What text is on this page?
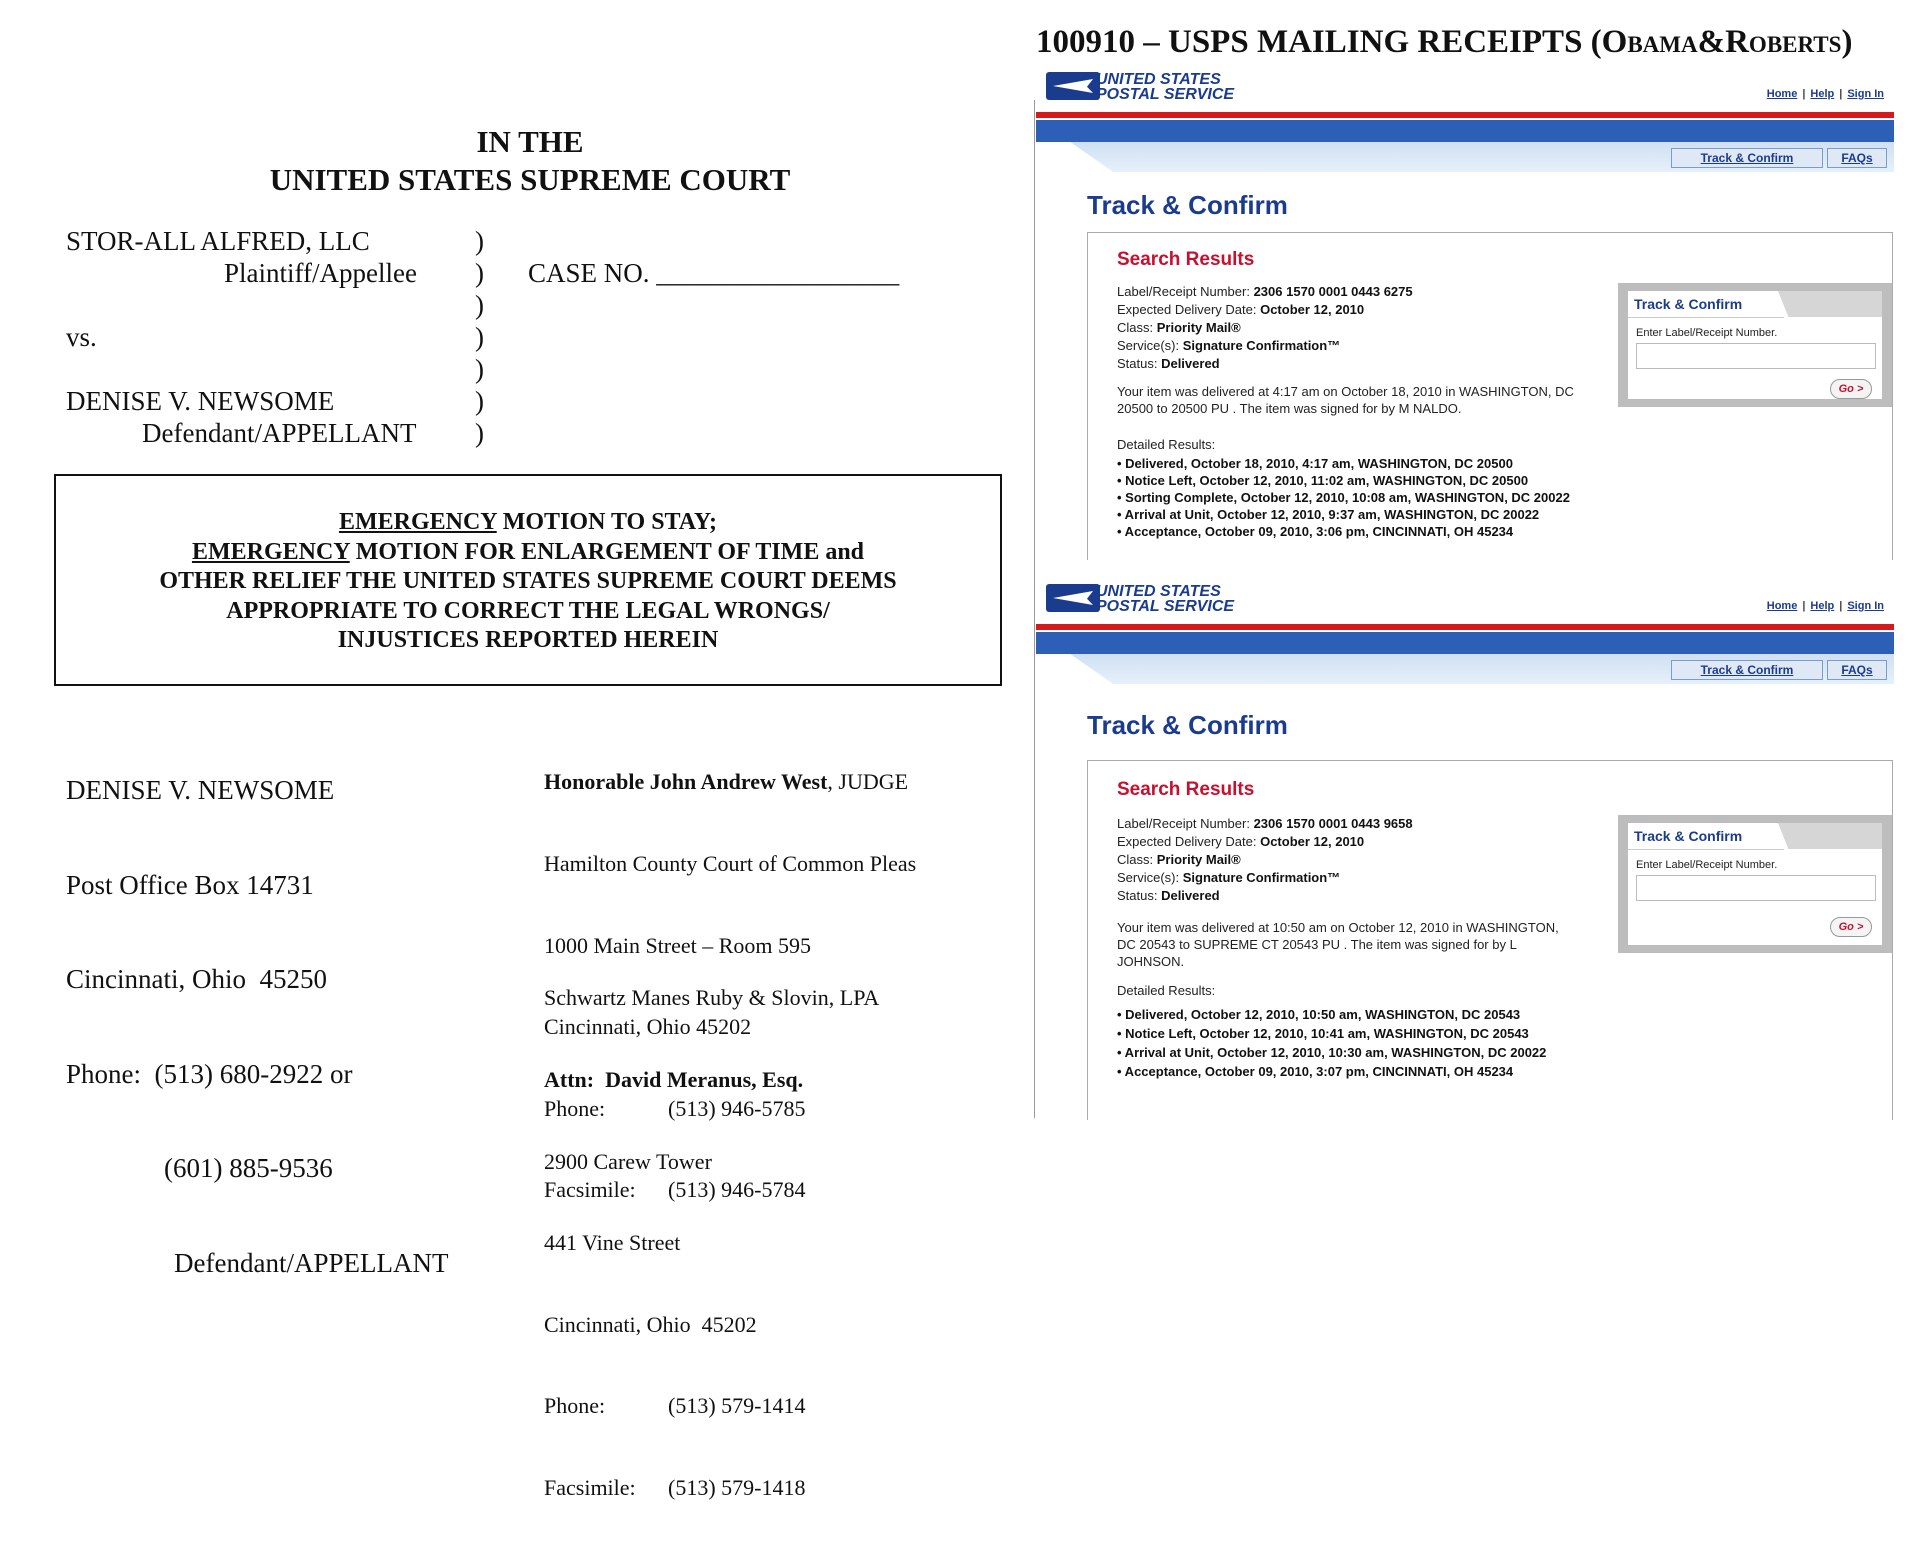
IN THE
UNITED STATES SUPREME COURT
STOR-ALL ALFRED, LLC
Plaintiff/Appellee
vs.
DENISE V. NEWSOME
Defendant/APPELLANT
)
)
)
)
)
)
)
CASE NO. __________________
EMERGENCY MOTION TO STAY;
EMERGENCY MOTION FOR ENLARGEMENT OF TIME and
OTHER RELIEF THE UNITED STATES SUPREME COURT DEEMS
APPROPRIATE TO CORRECT THE LEGAL WRONGS/
INJUSTICES REPORTED HEREIN

DENISE V. NEWSOME

Post Office Box 14731

Cincinnati, Ohio  45250

Phone:  (513) 680-2922 or

(601) 885-9536

Defendant/APPELLANT

Honorable John Andrew West, JUDGE

Hamilton County Court of Common Pleas

1000 Main Street – Room 595

Cincinnati, Ohio 45202

Phone:	(513) 946-5785

Facsimile: (513) 946-5784

Schwartz Manes Ruby & Slovin, LPA

Attn:  David Meranus, Esq.

2900 Carew Tower

441 Vine Street

Cincinnati, Ohio  45202

Phone:	(513) 579-1414

Facsimile: (513) 579-1418

100910 – USPS MAILING RECEIPTS (Obama&Roberts)
UNITED STATES
POSTAL SERVICE	Home | Help | Sign In
Track & Confirm	FAQs
Track & Confirm
Search Results
Label/Receipt Number: 2306 1570 0001 0443 6275
Expected Delivery Date: October 12, 2010
Class: Priority Mail®
Service(s): Signature Confirmation™
Status: Delivered
Your item was delivered at 4:17 am on October 18, 2010 in WASHINGTON, DC 20500 to 20500 PU . The item was signed for by M NALDO.
Detailed Results:
• Delivered, October 18, 2010, 4:17 am, WASHINGTON, DC 20500
• Notice Left, October 12, 2010, 11:02 am, WASHINGTON, DC 20500
• Sorting Complete, October 12, 2010, 10:08 am, WASHINGTON, DC 20022
• Arrival at Unit, October 12, 2010, 9:37 am, WASHINGTON, DC 20022
• Acceptance, October 09, 2010, 3:06 pm, CINCINNATI, OH 45234
Track & Confirm
Enter Label/Receipt Number.
Go >
UNITED STATES
POSTAL SERVICE	Home | Help | Sign In
Track & Confirm	FAQs
Track & Confirm
Search Results
Label/Receipt Number: 2306 1570 0001 0443 9658
Expected Delivery Date: October 12, 2010
Class: Priority Mail®
Service(s): Signature Confirmation™
Status: Delivered
Your item was delivered at 10:50 am on October 12, 2010 in WASHINGTON, DC 20543 to SUPREME CT 20543 PU . The item was signed for by L JOHNSON.
Detailed Results:
• Delivered, October 12, 2010, 10:50 am, WASHINGTON, DC 20543
• Notice Left, October 12, 2010, 10:41 am, WASHINGTON, DC 20543
• Arrival at Unit, October 12, 2010, 10:30 am, WASHINGTON, DC 20022
• Acceptance, October 09, 2010, 3:07 pm, CINCINNATI, OH 45234
Track & Confirm
Enter Label/Receipt Number.
Go >
